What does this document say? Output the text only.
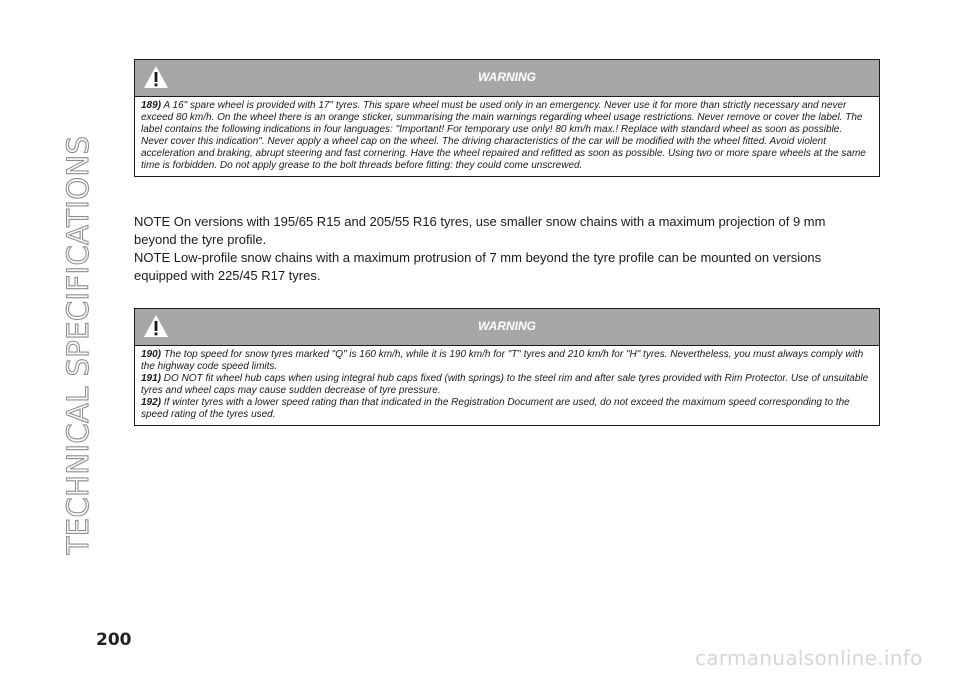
TECHNICAL SPECIFICATIONS
WARNING

189) A 16" spare wheel is provided with 17" tyres. This spare wheel must be used only in an emergency. Never use it for more than strictly necessary and never exceed 80 km/h. On the wheel there is an orange sticker, summarising the main warnings regarding wheel usage restrictions. Never remove or cover the label. The label contains the following indications in four languages: "Important! For temporary use only! 80 km/h max.! Replace with standard wheel as soon as possible. Never cover this indication". Never apply a wheel cap on the wheel. The driving characteristics of the car will be modified with the wheel fitted. Avoid violent acceleration and braking, abrupt steering and fast cornering. Have the wheel repaired and refitted as soon as possible. Using two or more spare wheels at the same time is forbidden. Do not apply grease to the bolt threads before fitting: they could come unscrewed.

NOTE On versions with 195/65 R15 and 205/55 R16 tyres, use smaller snow chains with a maximum projection of 9 mm beyond the tyre profile.

NOTE Low-profile snow chains with a maximum protrusion of 7 mm beyond the tyre profile can be mounted on versions equipped with 225/45 R17 tyres.

WARNING

190) The top speed for snow tyres marked "Q" is 160 km/h, while it is 190 km/h for "T" tyres and 210 km/h for "H" tyres. Nevertheless, you must always comply with the highway code speed limits.

191) DO NOT fit wheel hub caps when using integral hub caps fixed (with springs) to the steel rim and after sale tyres provided with Rim Protector. Use of unsuitable tyres and wheel caps may cause sudden decrease of tyre pressure.

192) If winter tyres with a lower speed rating than that indicated in the Registration Document are used, do not exceed the maximum speed corresponding to the speed rating of the tyres used.

200
carmanualsonline.info
